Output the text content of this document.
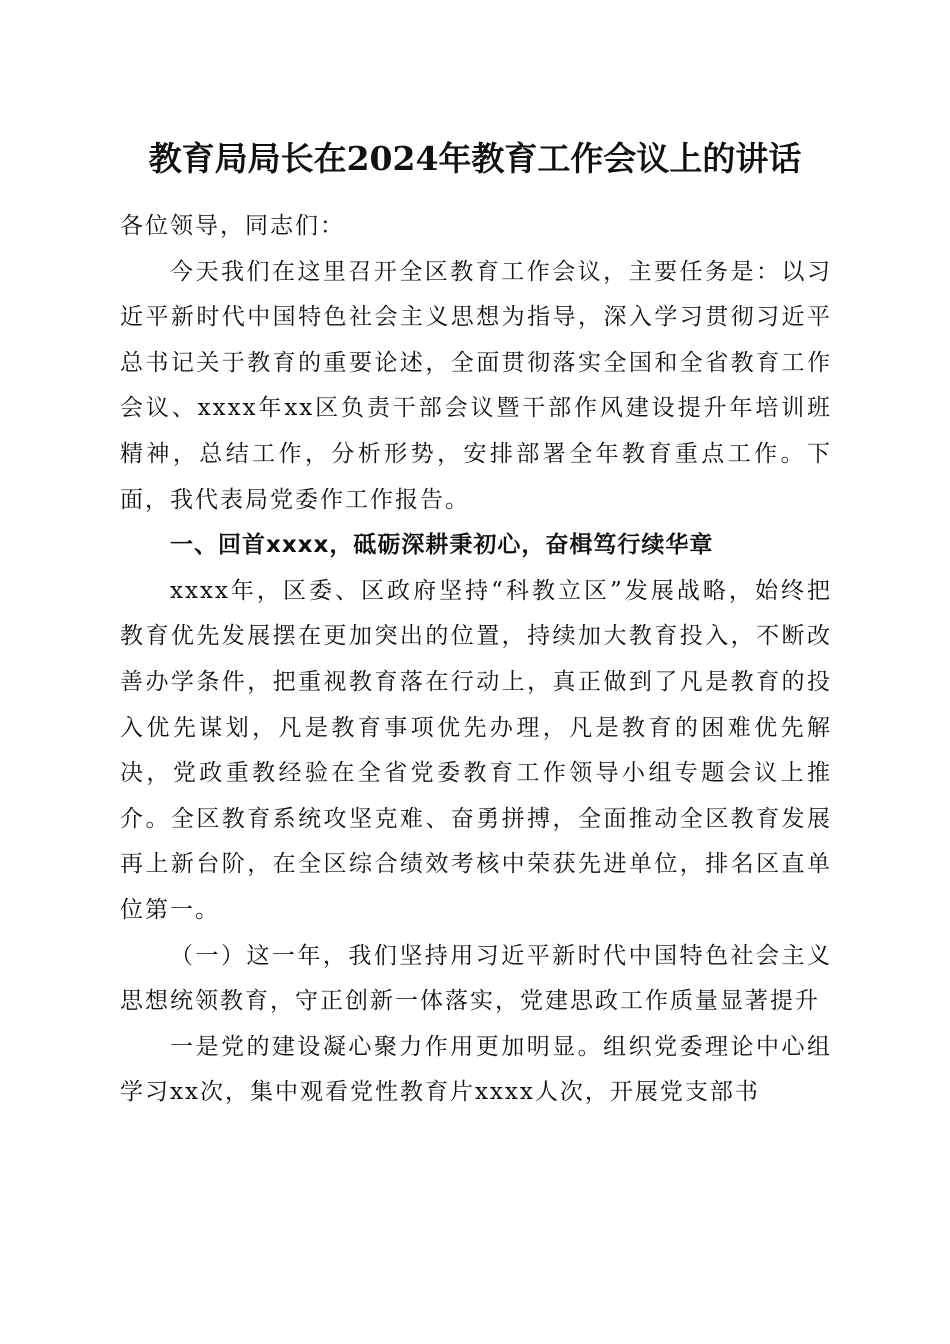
教育局局长在2024年教育工作会议上的讲话

各位领导，同志们：

今天我们在这里召开全区教育工作会议，主要任务是：以习近平新时代中国特色社会主义思想为指导，深入学习贯彻习近平总书记关于教育的重要论述，全面贯彻落实全国和全省教育工作会议、xxxx年xx区负责干部会议暨干部作风建设提升年培训班精神，总结工作，分析形势，安排部署全年教育重点工作。下面，我代表局党委作工作报告。

一、回首xxxx，砥砺深耕秉初心，奋楫笃行续华章

xxxx年，区委、区政府坚持“科教立区”发展战略，始终把教育优先发展摆在更加突出的位置，持续加大教育投入，不断改善办学条件，把重视教育落在行动上，真正做到了凡是教育的投入优先谋划，凡是教育事项优先办理，凡是教育的困难优先解决，党政重教经验在全省党委教育工作领导小组专题会议上推介。全区教育系统攻坚克难、奋勇拼搏，全面推动全区教育发展再上新台阶，在全区综合绩效考核中荣获先进单位，排名区直单位第一。

（一）这一年，我们坚持用习近平新时代中国特色社会主义思想统领教育，守正创新一体落实，党建思政工作质量显著提升

一是党的建设凝心聚力作用更加明显。组织党委理论中心组学习xx次，集中观看党性教育片xxxx人次，开展党支部书
